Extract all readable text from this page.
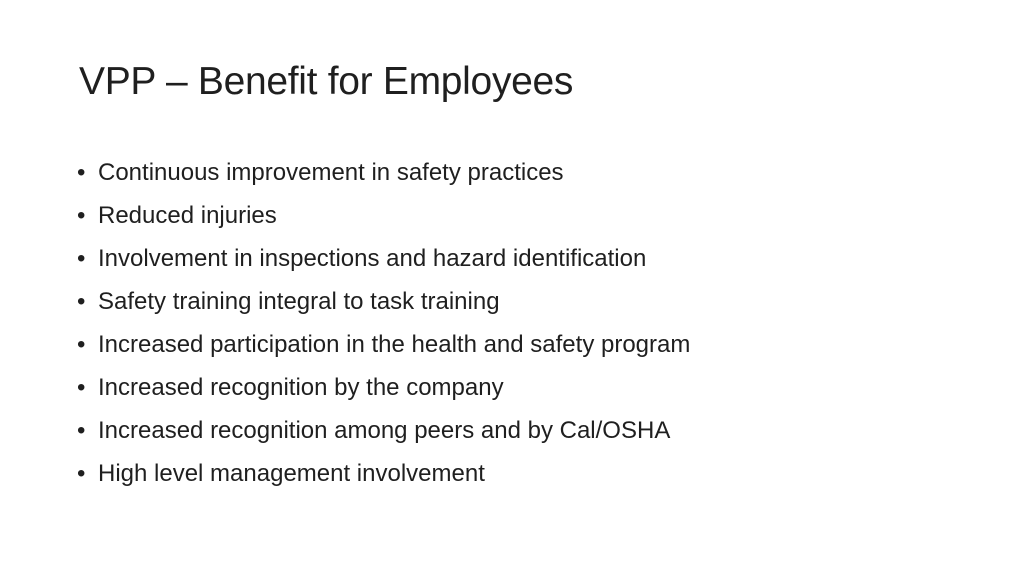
VPP – Benefit for Employees
• Continuous improvement in safety practices
• Reduced injuries
• Involvement in inspections and hazard identification
• Safety training integral to task training
• Increased participation in the health and safety program
• Increased recognition by the company
• Increased recognition among peers and by Cal/OSHA
• High level management involvement
